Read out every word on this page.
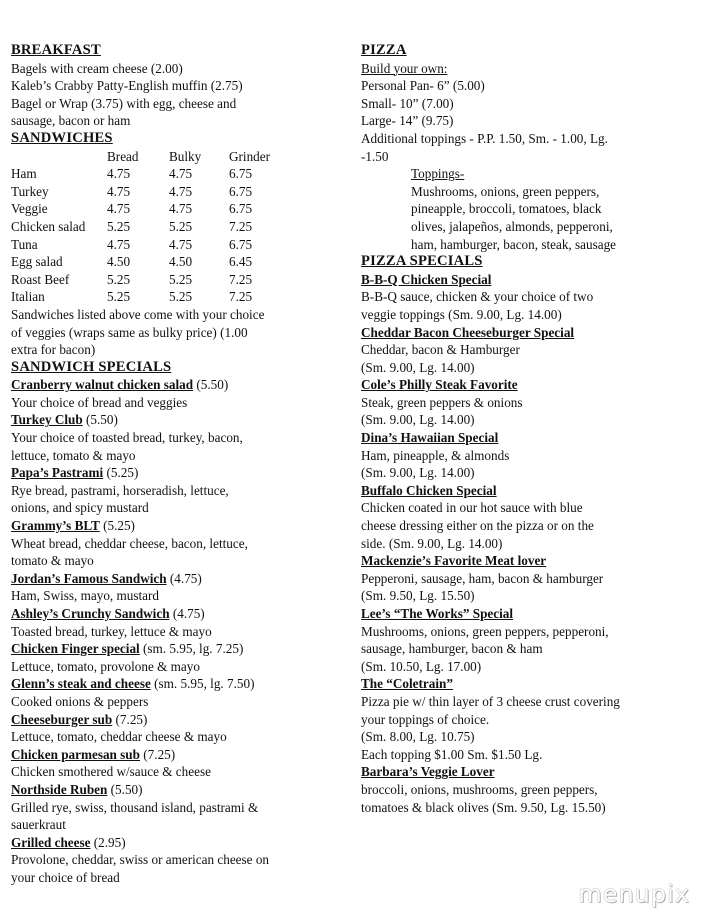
BREAKFAST
Bagels with cream cheese (2.00)
Kaleb’s Crabby Patty-English muffin (2.75)
Bagel or Wrap (3.75) with egg, cheese and
sausage, bacon or ham
SANDWICHES
	Bread	Bulky	Grinder
Ham	4.75	4.75	6.75
Turkey	4.75	4.75	6.75
Veggie	4.75	4.75	6.75
Chicken salad	5.25	5.25	7.25
Tuna	4.75	4.75	6.75
Egg salad	4.50	4.50	6.45
Roast Beef	5.25	5.25	7.25
Italian	5.25	5.25	7.25
Sandwiches listed above come with your choice
of veggies (wraps same as bulky price) (1.00
extra for bacon)
SANDWICH SPECIALS
Cranberry walnut chicken salad (5.50)
Your choice of bread and veggies
Turkey Club (5.50)
Your choice of toasted bread, turkey, bacon,
lettuce, tomato & mayo
Papa’s Pastrami (5.25)
Rye bread, pastrami, horseradish, lettuce,
onions, and spicy mustard
Grammy’s BLT (5.25)
Wheat bread, cheddar cheese, bacon, lettuce,
tomato & mayo
Jordan’s Famous Sandwich (4.75)
Ham, Swiss, mayo, mustard
Ashley’s Crunchy Sandwich (4.75)
Toasted bread, turkey, lettuce & mayo
Chicken Finger special (sm. 5.95, lg. 7.25)
Lettuce, tomato, provolone & mayo
Glenn’s steak and cheese (sm. 5.95, lg. 7.50)
Cooked onions & peppers
Cheeseburger sub (7.25)
Lettuce, tomato, cheddar cheese & mayo
Chicken parmesan sub (7.25)
Chicken smothered w/sauce & cheese
Northside Ruben (5.50)
Grilled rye, swiss, thousand island, pastrami &
sauerkraut
Grilled cheese (2.95)
Provolone, cheddar, swiss or american cheese on
your choice of bread
PIZZA
Build your own:
Personal Pan- 6” (5.00)
Small- 10” (7.00)
Large- 14” (9.75)
Additional toppings - P.P. 1.50, Sm. - 1.00, Lg.
-1.50
Toppings-
Mushrooms, onions, green peppers,
pineapple, broccoli, tomatoes, black
olives, jalapeños, almonds, pepperoni,
ham, hamburger, bacon, steak, sausage
PIZZA SPECIALS
B-B-Q Chicken Special
B-B-Q sauce, chicken & your choice of two
veggie toppings (Sm. 9.00, Lg. 14.00)
Cheddar Bacon Cheeseburger Special
Cheddar, bacon & Hamburger
(Sm. 9.00, Lg. 14.00)
Cole’s Philly Steak Favorite
Steak, green peppers & onions
(Sm. 9.00, Lg. 14.00)
Dina’s Hawaiian Special
Ham, pineapple, & almonds
(Sm. 9.00, Lg. 14.00)
Buffalo Chicken Special
Chicken coated in our hot sauce with blue
cheese dressing either on the pizza or on the
side. (Sm. 9.00, Lg. 14.00)
Mackenzie’s Favorite Meat lover
Pepperoni, sausage, ham, bacon & hamburger
(Sm. 9.50, Lg. 15.50)
Lee’s “The Works” Special
Mushrooms, onions, green peppers, pepperoni,
sausage, hamburger, bacon & ham
(Sm. 10.50, Lg. 17.00)
The “Coletrain”
Pizza pie w/ thin layer of 3 cheese crust covering
your toppings of choice.
(Sm. 8.00, Lg. 10.75)
Each topping $1.00 Sm. $1.50 Lg.
Barbara’s Veggie Lover
broccoli, onions, mushrooms, green peppers,
tomatoes & black olives (Sm. 9.50, Lg. 15.50)
menupix
